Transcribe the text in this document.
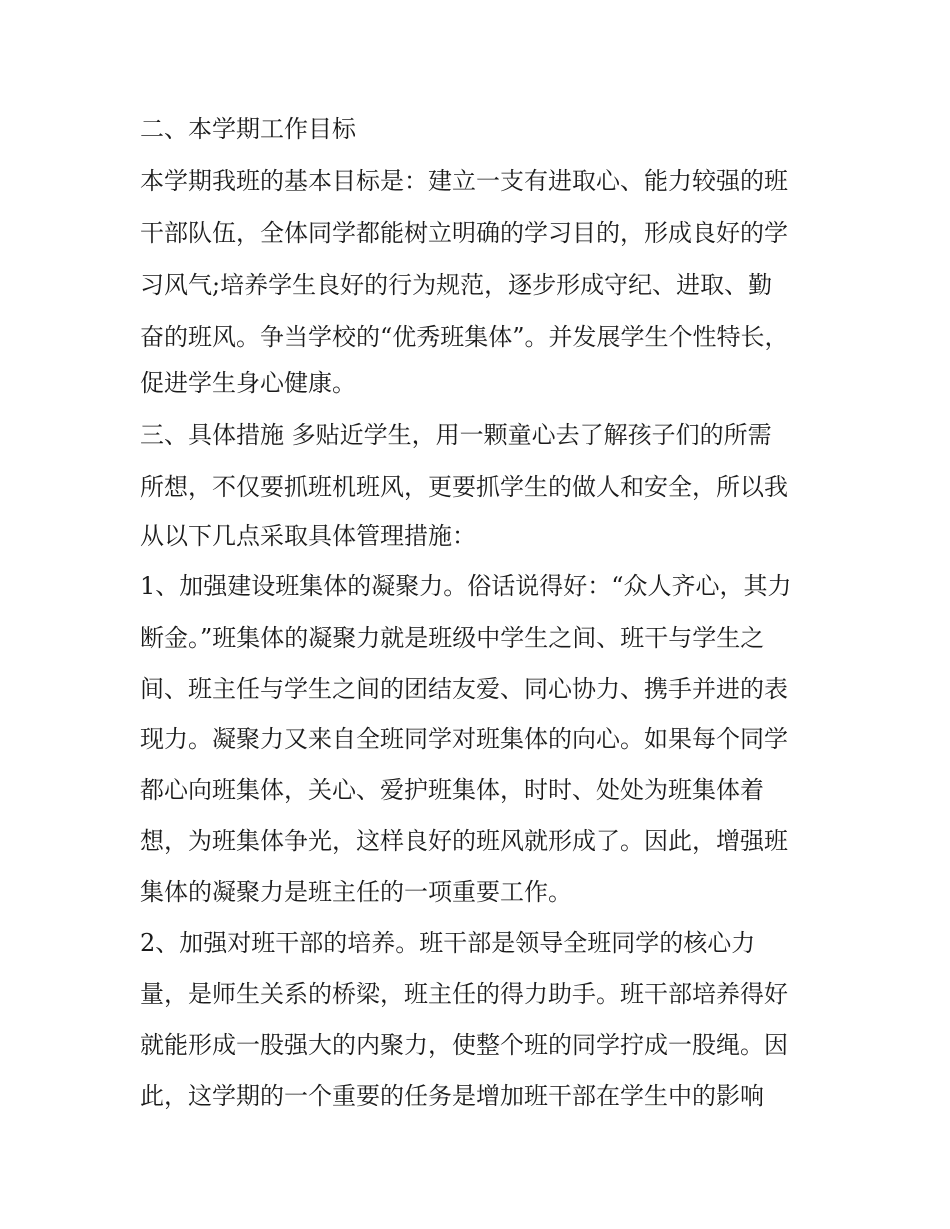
二、本学期工作目标

本学期我班的基本目标是：建立一支有进取心、能力较强的班

干部队伍，全体同学都能树立明确的学习目的，形成良好的学

习风气;培养学生良好的行为规范，逐步形成守纪、进取、勤

奋的班风。争当学校的“优秀班集体”。并发展学生个性特长，

促进学生身心健康。

三、具体措施 多贴近学生，用一颗童心去了解孩子们的所需

所想，不仅要抓班机班风，更要抓学生的做人和安全，所以我

从以下几点采取具体管理措施：

1、加强建设班集体的凝聚力。俗话说得好：“众人齐心，其力

断金。”班集体的凝聚力就是班级中学生之间、班干与学生之

间、班主任与学生之间的团结友爱、同心协力、携手并进的表

现力。凝聚力又来自全班同学对班集体的向心。如果每个同学

都心向班集体，关心、爱护班集体，时时、处处为班集体着

想，为班集体争光，这样良好的班风就形成了。因此，增强班

集体的凝聚力是班主任的一项重要工作。

2、加强对班干部的培养。班干部是领导全班同学的核心力

量，是师生关系的桥梁，班主任的得力助手。班干部培养得好

就能形成一股强大的内聚力，使整个班的同学拧成一股绳。因

此，这学期的一个重要的任务是增加班干部在学生中的影响
